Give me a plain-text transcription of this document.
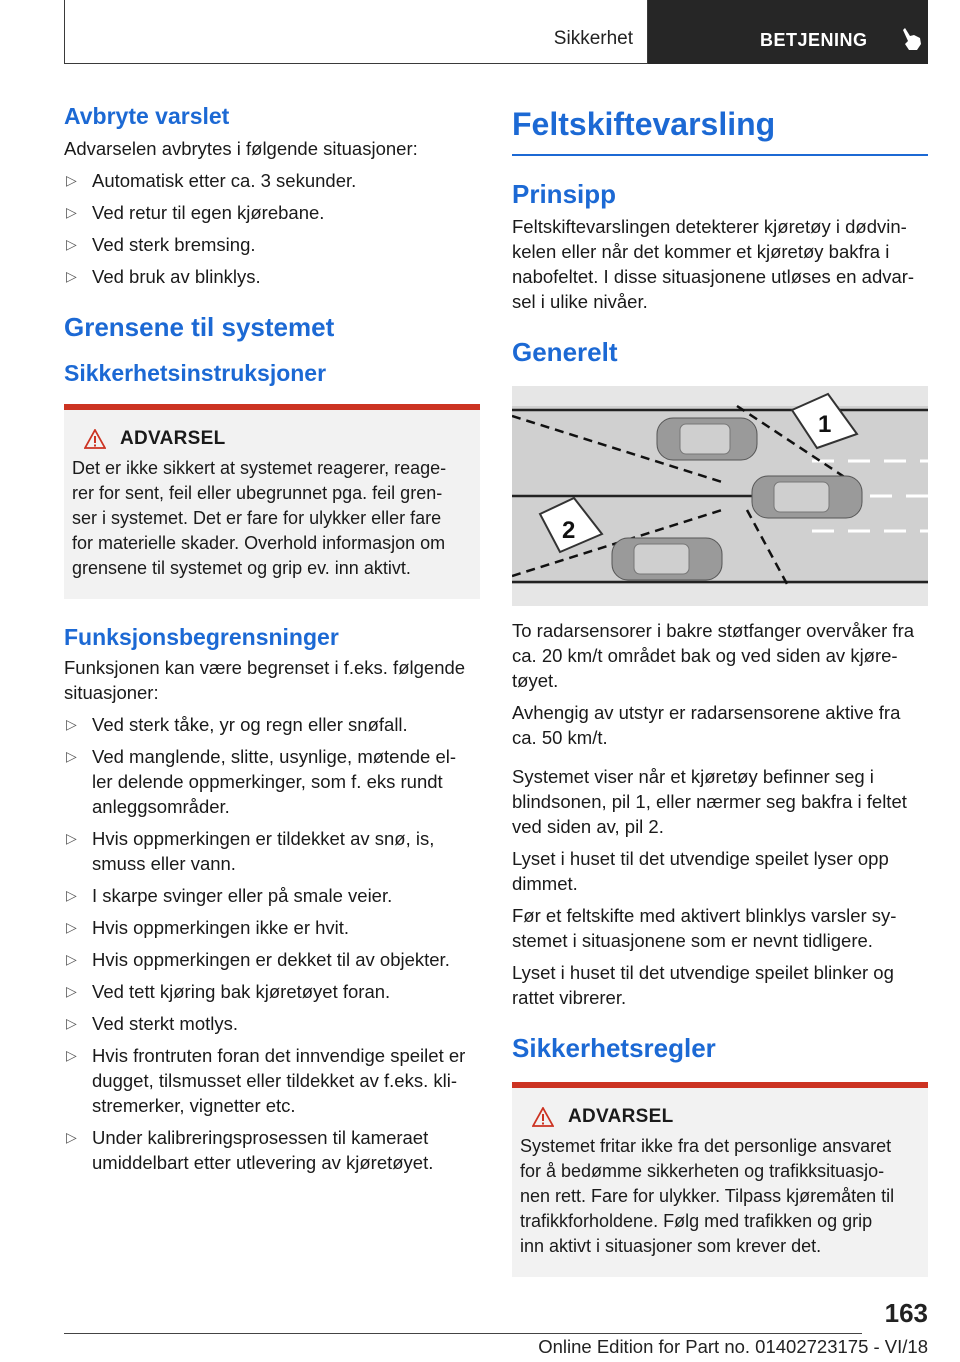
Sikkerhet	BETJENING
Avbryte varslet

Advarselen avbrytes i følgende situasjoner:

▷ Automatisk etter ca. 3 sekunder.
▷ Ved retur til egen kjørebane.
▷ Ved sterk bremsing.
▷ Ved bruk av blinklys.
Grensene til systemet
Sikkerhetsinstruksjoner
ADVARSEL

Det er ikke sikkert at systemet reagerer, reage-
rer for sent, feil eller ubegrunnet pga. feil gren-
ser i systemet. Det er fare for ulykker eller fare
for materielle skader. Overhold informasjon om
grensene til systemet og grip ev. inn aktivt.

Funksjonsbegrensninger

Funksjonen kan være begrenset i f.eks. følgende
situasjoner:

▷ Ved sterk tåke, yr og regn eller snøfall.
▷ Ved manglende, slitte, usynlige, møtende el-
ler delende oppmerkinger, som f. eks rundt
anleggsområder.
▷ Hvis oppmerkingen er tildekket av snø, is,
smuss eller vann.
▷ I skarpe svinger eller på smale veier.
▷ Hvis oppmerkingen ikke er hvit.
▷ Hvis oppmerkingen er dekket til av objekter.
▷ Ved tett kjøring bak kjøretøyet foran.
▷ Ved sterkt motlys.
▷ Hvis frontruten foran det innvendige speilet er
dugget, tilsmusset eller tildekket av f.eks. kli-
stremerker, vignetter etc.
▷ Under kalibreringsprosessen til kameraet
umiddelbart etter utlevering av kjøretøyet.
Feltskiftevarsling
Prinsipp

Feltskiftevarslingen detekterer kjøretøy i dødvin-
kelen eller når det kommer et kjøretøy bakfra i
nabofeltet. I disse situasjonene utløses en advar-
sel i ulike nivåer.

Generelt
1
2

To radarsensorer i bakre støtfanger overvåker fra
ca. 20 km/t området bak og ved siden av kjøre-
tøyet.

Avhengig av utstyr er radarsensorene aktive fra
ca. 50 km/t.

Systemet viser når et kjøretøy befinner seg i
blindsonen, pil 1, eller nærmer seg bakfra i feltet
ved siden av, pil 2.

Lyset i huset til det utvendige speilet lyser opp
dimmet.

Før et feltskifte med aktivert blinklys varsler sy-
stemet i situasjonene som er nevnt tidligere.

Lyset i huset til det utvendige speilet blinker og
rattet vibrerer.

Sikkerhetsregler
ADVARSEL

Systemet fritar ikke fra det personlige ansvaret
for å bedømme sikkerheten og trafikksituasjo-
nen rett. Fare for ulykker. Tilpass kjøremåten til
trafikkforholdene. Følg med trafikken og grip
inn aktivt i situasjoner som krever det.

163
Online Edition for Part no. 01402723175 - VI/18
